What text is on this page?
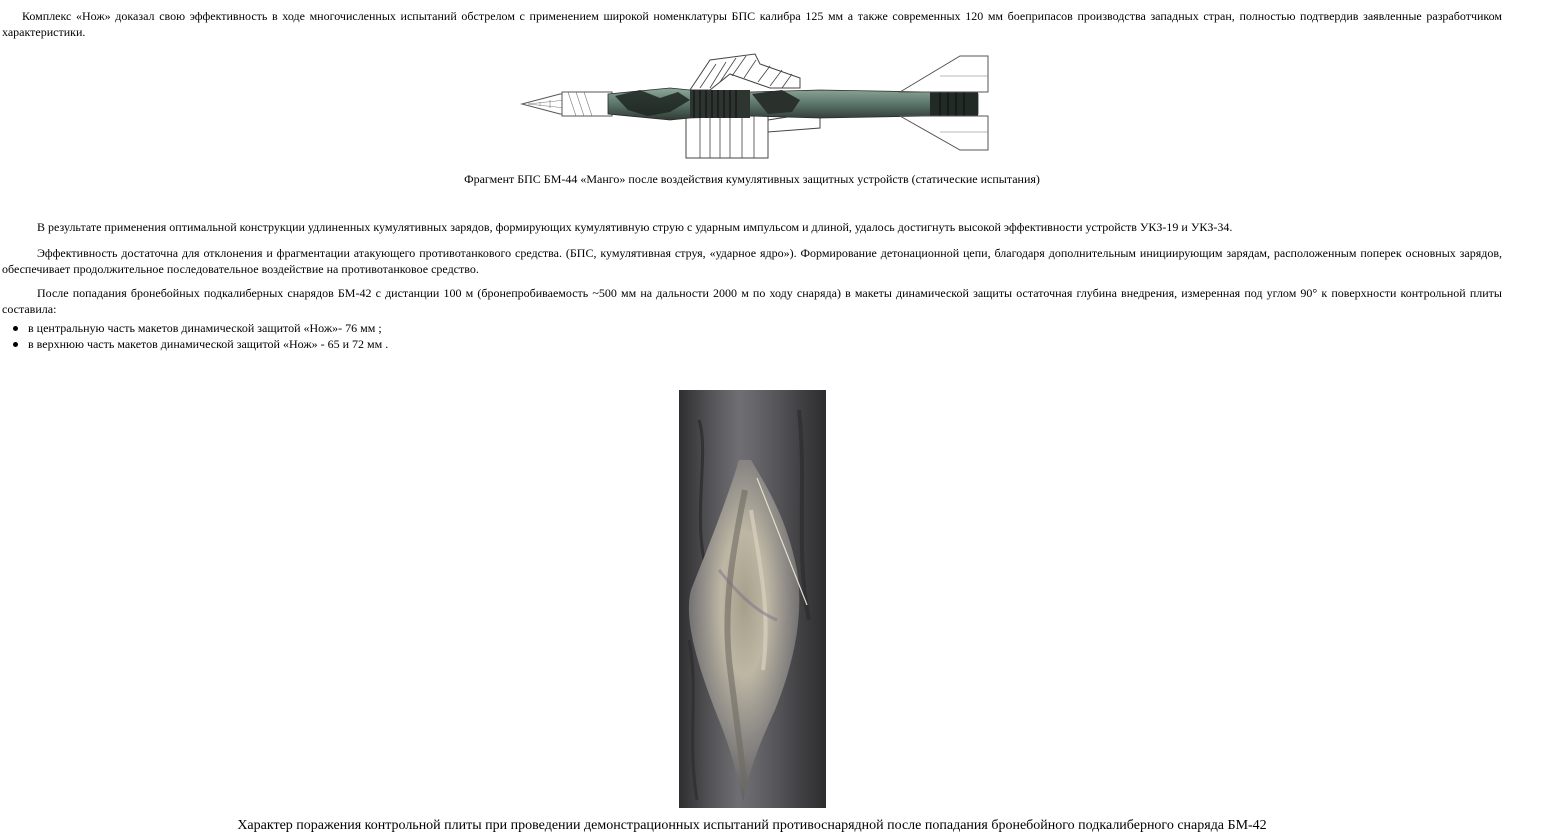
Комплекс «Нож» доказал свою эффективность в ходе многочисленных испытаний обстрелом с применением широкой номенклатуры БПС калибра 125 мм а также современных 120 мм боеприпасов производства западных стран, полностью подтвердив заявленные разработчиком характеристики.

Фрагмент БПС БМ-44 «Манго» после воздействия кумулятивных защитных устройств (статические испытания)

В результате применения оптимальной конструкции удлиненных кумулятивных зарядов, формирующих кумулятивную струю с ударным импульсом и длиной, удалось достигнуть высокой эффективности устройств УКЗ-19 и УКЗ-34.

Эффективность достаточна для отклонения и фрагментации атакующего противотанкового средства. (БПС, кумулятивная струя, «ударное ядро»). Формирование детонационной цепи, благодаря дополнительным инициирующим зарядам, расположенным поперек основных зарядов, обеспечивает продолжительное последовательное воздействие на противотанковое средство.

После попадания бронебойных подкалиберных снарядов БМ-42 с дистанции 100 м (бронепробиваемость ~500 мм на дальности 2000 м по ходу снаряда) в макеты динамической защиты остаточная глубина внедрения, измеренная под углом 90° к поверхности контрольной плиты составила:

в центральную часть макетов динамической защитой «Нож»- 76 мм ;
в верхнюю часть макетов динамической защитой «Нож» - 65 и 72 мм .
Характер поражения контрольной плиты при проведении демонстрационных испытаний противоснарядной после попадания бронебойного подкалиберного снаряда БМ-42
